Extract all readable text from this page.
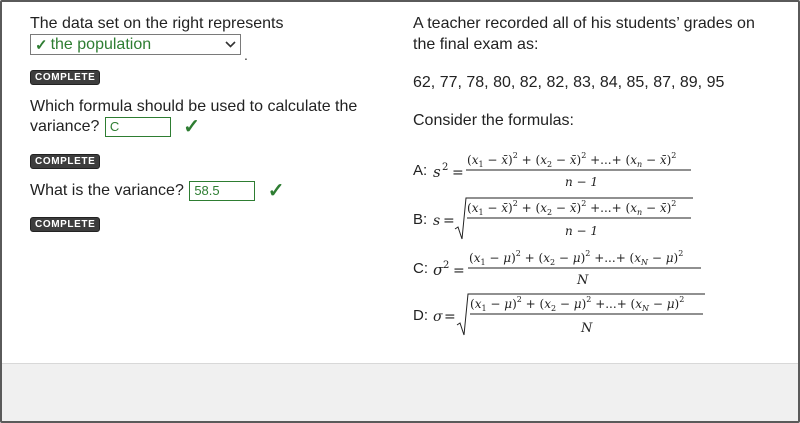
The data set on the right represents
✓ the population
.
COMPLETE
Which formula should be used to calculate the
variance? C	✓
COMPLETE
What is the variance? 58.5 ✓
COMPLETE
A teacher recorded all of his students’ grades on
the final exam as:
62, 77, 78, 80, 82, 82, 83, 84, 85, 87, 89, 95
Consider the formulas:
A: s 2 =
($x_1$ − x̄)$^2$ + ($x_2$ − x̄)$^2$ +...+ ($x_n$ − x̄)$^2$
n − 1
B: s =
($x_1$ − x̄)$^2$ + ($x_2$ − x̄)$^2$ +...+ ($x_n$ − x̄)$^2$
n − 1
C: σ 2 =
$(x_1 - \mu)^2 + (x_2 - \mu)^2$ +...+ $(x_N - \mu)^2$
N
D: σ =
$(x_1 - \mu)^2 + (x_2 - \mu)^2$ +...+ $(x_N - \mu)^2$
N
